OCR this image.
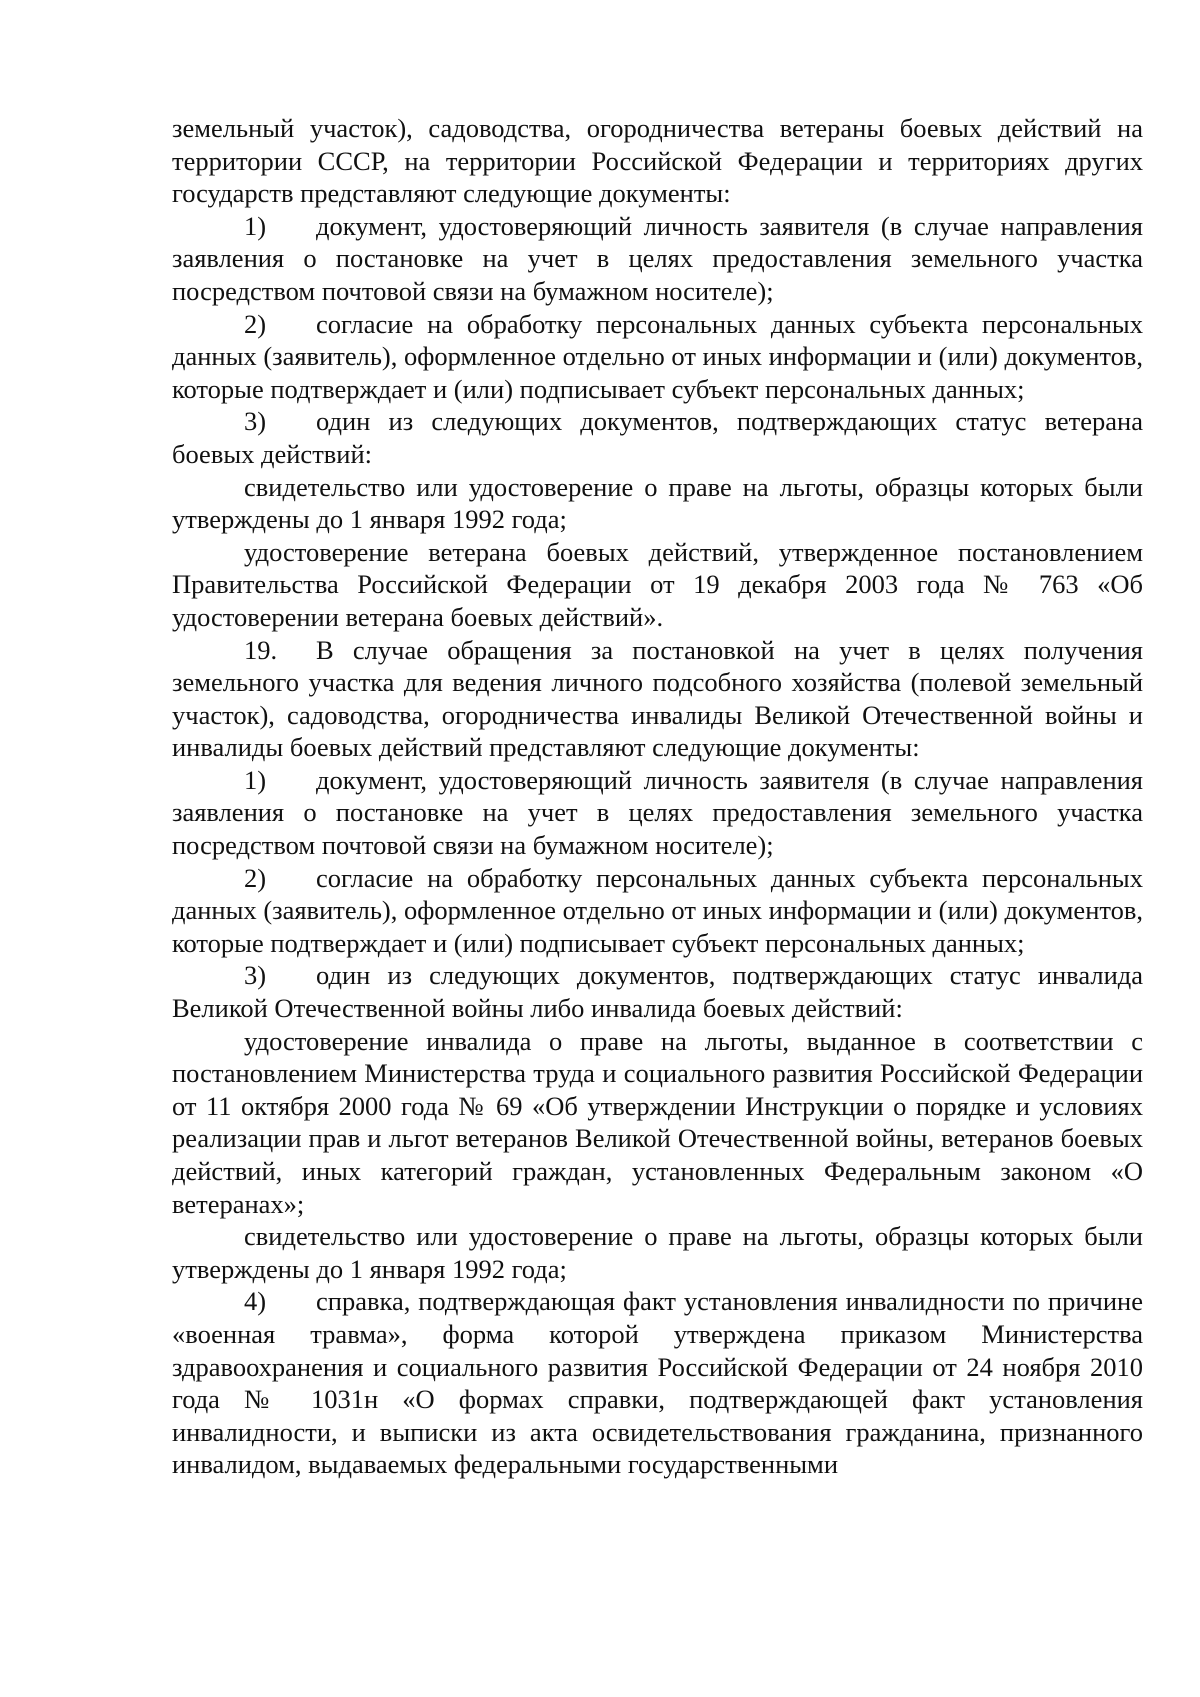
земельный участок), садоводства, огородничества ветераны боевых действий на территории СССР, на территории Российской Федерации и территориях других государств представляют следующие документы:

1) документ, удостоверяющий личность заявителя (в случае направления заявления о постановке на учет в целях предоставления земельного участка посредством почтовой связи на бумажном носителе);

2) согласие на обработку персональных данных субъекта персональных данных (заявитель), оформленное отдельно от иных информации и (или) документов, которые подтверждает и (или) подписывает субъект персональных данных;

3) один из следующих документов, подтверждающих статус ветерана боевых действий:

свидетельство или удостоверение о праве на льготы, образцы которых были утверждены до 1 января 1992 года;

удостоверение ветерана боевых действий, утвержденное постановлением Правительства Российской Федерации от 19 декабря 2003 года № 763 «Об удостоверении ветерана боевых действий».

19. В случае обращения за постановкой на учет в целях получения земельного участка для ведения личного подсобного хозяйства (полевой земельный участок), садоводства, огородничества инвалиды Великой Отечественной войны и инвалиды боевых действий представляют следующие документы:

1) документ, удостоверяющий личность заявителя (в случае направления заявления о постановке на учет в целях предоставления земельного участка посредством почтовой связи на бумажном носителе);

2) согласие на обработку персональных данных субъекта персональных данных (заявитель), оформленное отдельно от иных информации и (или) документов, которые подтверждает и (или) подписывает субъект персональных данных;

3) один из следующих документов, подтверждающих статус инвалида Великой Отечественной войны либо инвалида боевых действий:

удостоверение инвалида о праве на льготы, выданное в соответствии с постановлением Министерства труда и социального развития Российской Федерации от 11 октября 2000 года № 69 «Об утверждении Инструкции о порядке и условиях реализации прав и льгот ветеранов Великой Отечественной войны, ветеранов боевых действий, иных категорий граждан, установленных Федеральным законом «О ветеранах»;

свидетельство или удостоверение о праве на льготы, образцы которых были утверждены до 1 января 1992 года;

4) справка, подтверждающая факт установления инвалидности по причине «военная травма», форма которой утверждена приказом Министерства здравоохранения и социального развития Российской Федерации от 24 ноября 2010 года № 1031н «О формах справки, подтверждающей факт установления инвалидности, и выписки из акта освидетельствования гражданина, признанного инвалидом, выдаваемых федеральными государственными
